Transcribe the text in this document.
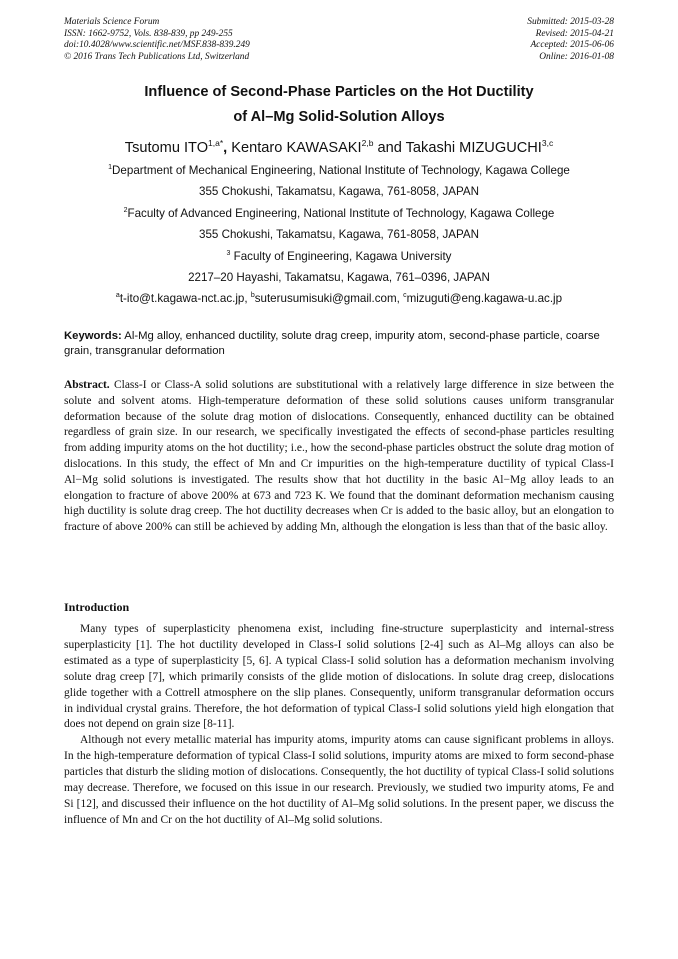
Materials Science Forum
ISSN: 1662-9752, Vols. 838-839, pp 249-255
doi:10.4028/www.scientific.net/MSF.838-839.249
© 2016 Trans Tech Publications Ltd, Switzerland
Submitted: 2015-03-28
Revised: 2015-04-21
Accepted: 2015-06-06
Online: 2016-01-08
Influence of Second-Phase Particles on the Hot Ductility
of Al–Mg Solid-Solution Alloys
Tsutomu $ITO^{1,a*}$, Kentaro KAWASAKI$^{2,b}$ and Takashi MIZUGUCHI$^{3,c}$
$^1$Department of Mechanical Engineering, National Institute of Technology, Kagawa College
355 Chokushi, Takamatsu, Kagawa, 761-8058, JAPAN
$^2$Faculty of Advanced Engineering, National Institute of Technology, Kagawa College
355 Chokushi, Takamatsu, Kagawa, 761-8058, JAPAN
$^3$ Faculty of Engineering, Kagawa University
2217–20 Hayashi, Takamatsu, Kagawa, 761–0396, JAPAN
$^a$t-ito@t.kagawa-nct.ac.jp, $^b$suterusumisuki@gmail.com, $^c$mizuguti@eng.kagawa-u.ac.jp
Keywords: Al-Mg alloy, enhanced ductility, solute drag creep, impurity atom, second-phase particle, coarse grain, transgranular deformation
Abstract. Class-I or Class-A solid solutions are substitutional with a relatively large difference in size between the solute and solvent atoms. High-temperature deformation of these solid solutions causes uniform transgranular deformation because of the solute drag motion of dislocations. Consequently, enhanced ductility can be obtained regardless of grain size. In our research, we specifically investigated the effects of second-phase particles resulting from adding impurity atoms on the hot ductility; i.e., how the second-phase particles obstruct the solute drag motion of dislocations. In this study, the effect of Mn and Cr impurities on the high-temperature ductility of typical Class-I Al−Mg solid solutions is investigated. The results show that hot ductility in the basic Al−Mg alloy leads to an elongation to fracture of above 200% at 673 and 723 K. We found that the dominant deformation mechanism causing high ductility is solute drag creep. The hot ductility decreases when Cr is added to the basic alloy, but an elongation to fracture of above 200% can still be achieved by adding Mn, although the elongation is less than that of the basic alloy.
Introduction

Many types of superplasticity phenomena exist, including fine-structure superplasticity and internal-stress superplasticity [1]. The hot ductility developed in Class-I solid solutions [2-4] such as Al–Mg alloys can also be estimated as a type of superplasticity [5, 6]. A typical Class-I solid solution has a deformation mechanism involving solute drag creep [7], which primarily consists of the glide motion of dislocations. In solute drag creep, dislocations glide together with a Cottrell atmosphere on the slip planes. Consequently, uniform transgranular deformation occurs in individual crystal grains. Therefore, the hot deformation of typical Class-I solid solutions yield high elongation that does not depend on grain size [8-11].

Although not every metallic material has impurity atoms, impurity atoms can cause significant problems in alloys. In the high-temperature deformation of typical Class-I solid solutions, impurity atoms are mixed to form second-phase particles that disturb the sliding motion of dislocations. Consequently, the hot ductility of typical Class-I solid solutions may decrease. Therefore, we focused on this issue in our research. Previously, we studied two impurity atoms, Fe and Si [12], and discussed their influence on the hot ductility of Al–Mg solid solutions. In the present paper, we discuss the influence of Mn and Cr on the hot ductility of Al–Mg solid solutions.
